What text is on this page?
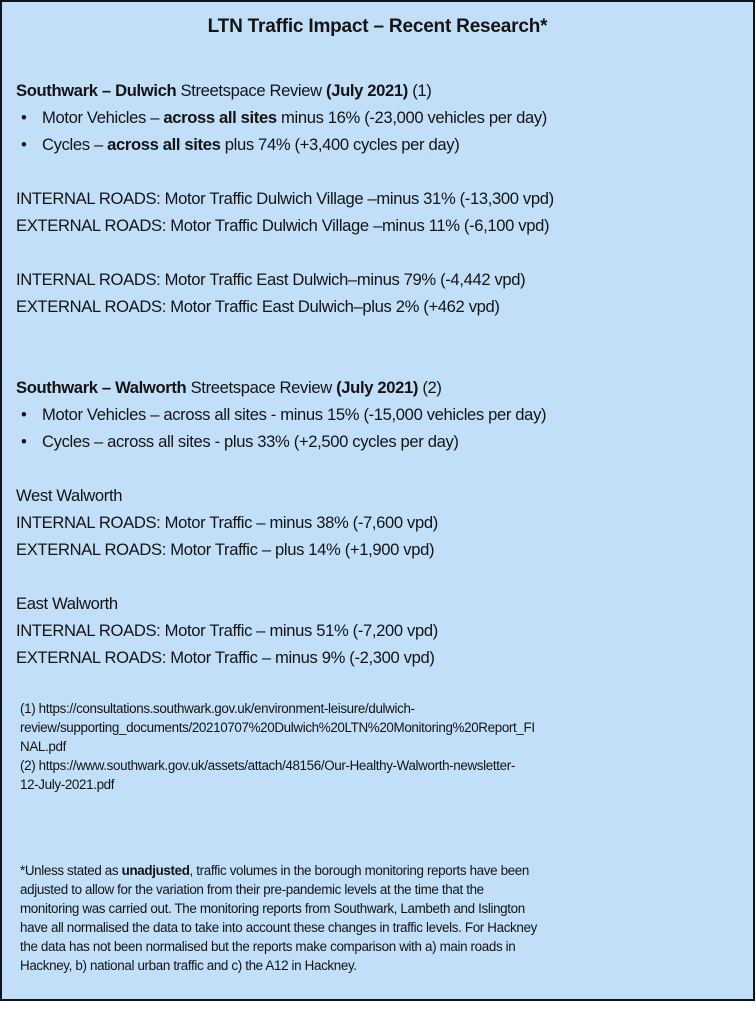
LTN Traffic Impact – Recent Research*
Southwark – Dulwich Streetspace Review (July 2021) (1)
• Motor Vehicles – across all sites minus 16% (-23,000 vehicles per day)
• Cycles – across all sites plus 74% (+3,400 cycles per day)
INTERNAL ROADS: Motor Traffic Dulwich Village –minus 31% (-13,300 vpd)
EXTERNAL ROADS: Motor Traffic Dulwich Village –minus 11% (-6,100 vpd)
INTERNAL ROADS: Motor Traffic East Dulwich–minus 79% (-4,442 vpd)
EXTERNAL ROADS: Motor Traffic East Dulwich–plus 2% (+462 vpd)
Southwark – Walworth Streetspace Review (July 2021) (2)
• Motor Vehicles – across all sites - minus 15% (-15,000 vehicles per day)
• Cycles – across all sites - plus 33% (+2,500 cycles per day)
West Walworth
INTERNAL ROADS: Motor Traffic – minus 38% (-7,600 vpd)
EXTERNAL ROADS: Motor Traffic – plus 14% (+1,900 vpd)
East Walworth
INTERNAL ROADS: Motor Traffic – minus 51% (-7,200 vpd)
EXTERNAL ROADS: Motor Traffic – minus 9% (-2,300 vpd)
(1) https://consultations.southwark.gov.uk/environment-leisure/dulwich-
review/supporting_documents/20210707%20Dulwich%20LTN%20Monitoring%20Report_FI
NAL.pdf
(2) https://www.southwark.gov.uk/assets/attach/48156/Our-Healthy-Walworth-newsletter-
12-July-2021.pdf
*Unless stated as unadjusted, traffic volumes in the borough monitoring reports have been
adjusted to allow for the variation from their pre-pandemic levels at the time that the
monitoring was carried out. The monitoring reports from Southwark, Lambeth and Islington
have all normalised the data to take into account these changes in traffic levels. For Hackney
the data has not been normalised but the reports make comparison with a) main roads in
Hackney, b) national urban traffic and c) the A12 in Hackney.
